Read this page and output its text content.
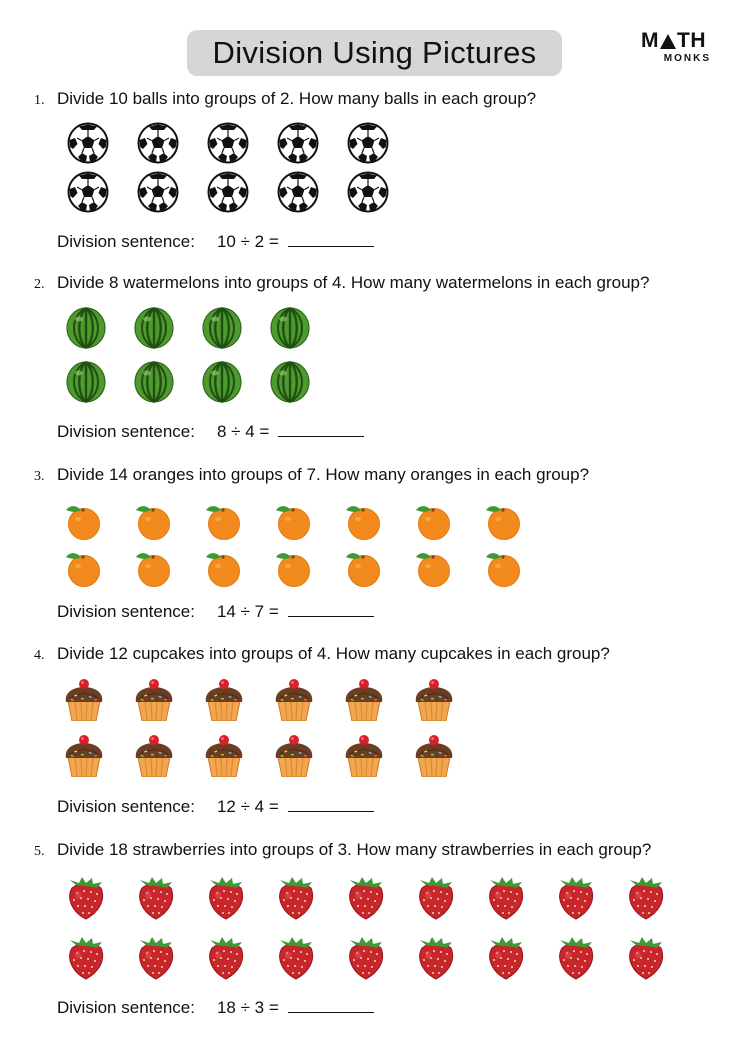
Division Using Pictures	M TH
MONKS
1. Divide 10 balls into groups of 2. How many balls in each group?
Division sentence: 10 ÷ 2 =
2. Divide 8 watermelons into groups of 4. How many watermelons in each group?
Division sentence: 8 ÷ 4 =
3. Divide 14 oranges into groups of 7. How many oranges in each group?
Division sentence: 14 ÷ 7 =
4. Divide 12 cupcakes into groups of 4. How many cupcakes in each group?
Division sentence: 12 ÷ 4 =
5. Divide 18 strawberries into groups of 3. How many strawberries in each group?
Division sentence: 18 ÷ 3 =
